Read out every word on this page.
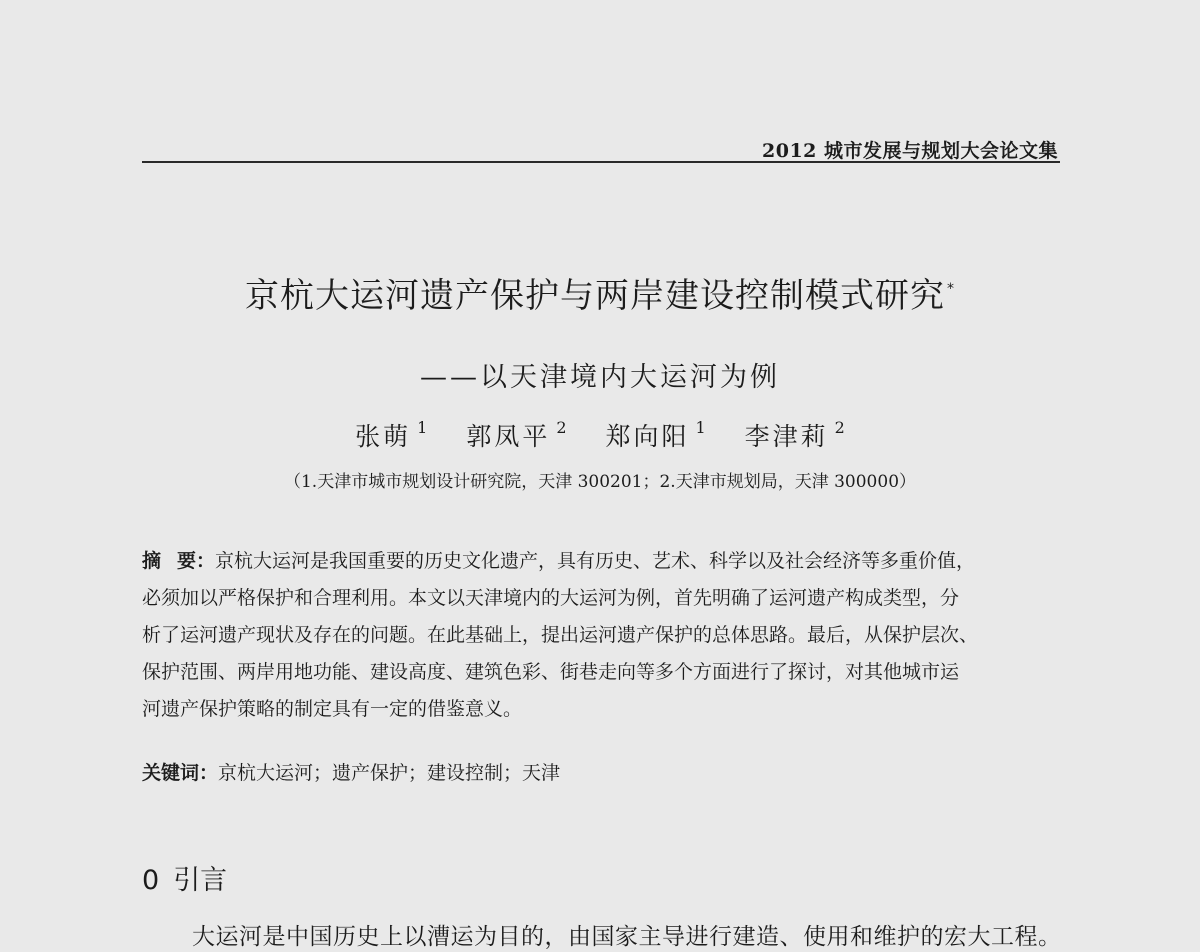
2012 城市发展与规划大会论文集
京杭大运河遗产保护与两岸建设控制模式研究 *
——以天津境内大运河为例
张萌 $^1$ 郭凤平 $^2$ 郑向阳 $^1$ 李津莉 $^2$
（1.天津市城市规划设计研究院，天津 300201；2.天津市规划局，天津 300000）
摘 要：京杭大运河是我国重要的历史文化遗产，具有历史、艺术、科学以及社会经济等多重价值，
必须加以严格保护和合理利用。本文以天津境内的大运河为例，首先明确了运河遗产构成类型，分
析了运河遗产现状及存在的问题。在此基础上，提出运河遗产保护的总体思路。最后，从保护层次、
保护范围、两岸用地功能、建设高度、建筑色彩、街巷走向等多个方面进行了探讨，对其他城市运
河遗产保护策略的制定具有一定的借鉴意义。
关键词：京杭大运河；遗产保护；建设控制；天津
0 引言
大运河是中国历史上以漕运为目的，由国家主导进行建造、使用和维护的宏大工程。
